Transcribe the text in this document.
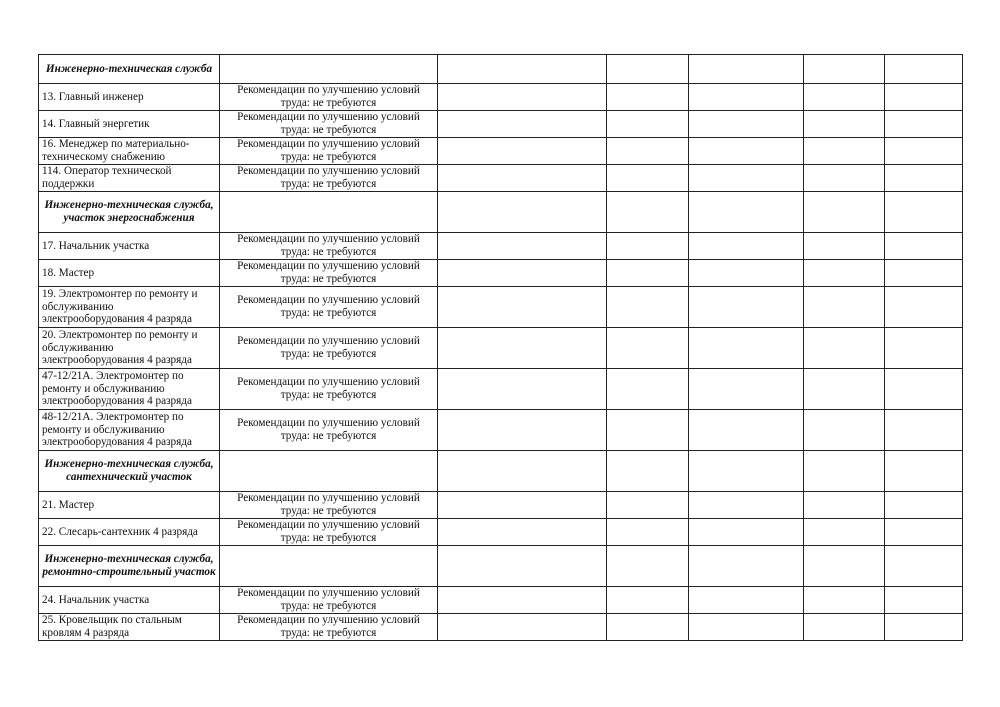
Инженерно-техническая служба						
13. Главный инженер	Рекомендации по улучшению условий труда: не требуются					
14. Главный энергетик	Рекомендации по улучшению условий труда: не требуются					
16. Менеджер по материально-техническому снабжению	Рекомендации по улучшению условий труда: не требуются					
114. Оператор технической поддержки	Рекомендации по улучшению условий труда: не требуются					
Инженерно-техническая служба, участок энергоснабжения						
17. Начальник участка	Рекомендации по улучшению условий труда: не требуются					
18. Мастер	Рекомендации по улучшению условий труда: не требуются					
19. Электромонтер по ремонту и обслуживанию электрооборудования 4 разряда	Рекомендации по улучшению условий труда: не требуются					
20. Электромонтер по ремонту и обслуживанию электрооборудования 4 разряда	Рекомендации по улучшению условий труда: не требуются					
47-12/21А. Электромонтер по ремонту и обслуживанию электрооборудования 4 разряда	Рекомендации по улучшению условий труда: не требуются					
48-12/21А. Электромонтер по ремонту и обслуживанию электрооборудования 4 разряда	Рекомендации по улучшению условий труда: не требуются					
Инженерно-техническая служба, сантехнический участок						
21. Мастер	Рекомендации по улучшению условий труда: не требуются					
22. Слесарь-сантехник 4 разряда	Рекомендации по улучшению условий труда: не требуются					
Инженерно-техническая служба, ремонтно-строительный участок						
24. Начальник участка	Рекомендации по улучшению условий труда: не требуются					
25. Кровельщик по стальным кровлям 4 разряда	Рекомендации по улучшению условий труда: не требуются					
